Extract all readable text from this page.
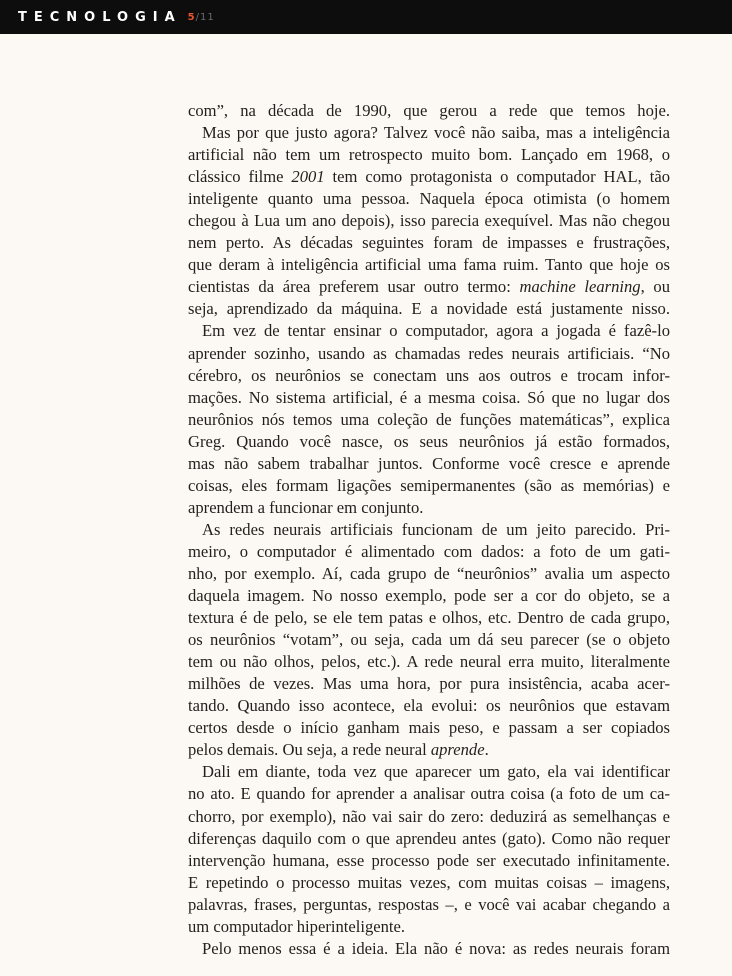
TECNOLOGIA 5/11
com”, na década de 1990, que gerou a rede que temos hoje.
Mas por que justo agora? Talvez você não saiba, mas a inteligência
artificial não tem um retrospecto muito bom. Lançado em 1968, o
clássico filme 2001 tem como protagonista o computador HAL, tão
inteligente quanto uma pessoa. Naquela época otimista (o homem
chegou à Lua um ano depois), isso parecia exequível. Mas não chegou
nem perto. As décadas seguintes foram de impasses e frustrações,
que deram à inteligência artificial uma fama ruim. Tanto que hoje os
cientistas da área preferem usar outro termo: machine learning, ou
seja, aprendizado da máquina. E a novidade está justamente nisso.
Em vez de tentar ensinar o computador, agora a jogada é fazê-lo
aprender sozinho, usando as chamadas redes neurais artificiais. “No
cérebro, os neurônios se conectam uns aos outros e trocam infor-
mações. No sistema artificial, é a mesma coisa. Só que no lugar dos
neurônios nós temos uma coleção de funções matemáticas”, explica
Greg. Quando você nasce, os seus neurônios já estão formados,
mas não sabem trabalhar juntos. Conforme você cresce e aprende
coisas, eles formam ligações semipermanentes (são as memórias) e
aprendem a funcionar em conjunto.
As redes neurais artificiais funcionam de um jeito parecido. Pri-
meiro, o computador é alimentado com dados: a foto de um gati-
nho, por exemplo. Aí, cada grupo de “neurônios” avalia um aspecto
daquela imagem. No nosso exemplo, pode ser a cor do objeto, se a
textura é de pelo, se ele tem patas e olhos, etc. Dentro de cada grupo,
os neurônios “votam”, ou seja, cada um dá seu parecer (se o objeto
tem ou não olhos, pelos, etc.). A rede neural erra muito, literalmente
milhões de vezes. Mas uma hora, por pura insistência, acaba acer-
tando. Quando isso acontece, ela evolui: os neurônios que estavam
certos desde o início ganham mais peso, e passam a ser copiados
pelos demais. Ou seja, a rede neural aprende.
Dali em diante, toda vez que aparecer um gato, ela vai identificar
no ato. E quando for aprender a analisar outra coisa (a foto de um ca-
chorro, por exemplo), não vai sair do zero: deduzirá as semelhanças e
diferenças daquilo com o que aprendeu antes (gato). Como não requer
intervenção humana, esse processo pode ser executado infinitamente.
E repetindo o processo muitas vezes, com muitas coisas – imagens,
palavras, frases, perguntas, respostas –, e você vai acabar chegando a
um computador hiperinteligente.
Pelo menos essa é a ideia. Ela não é nova: as redes neurais foram
